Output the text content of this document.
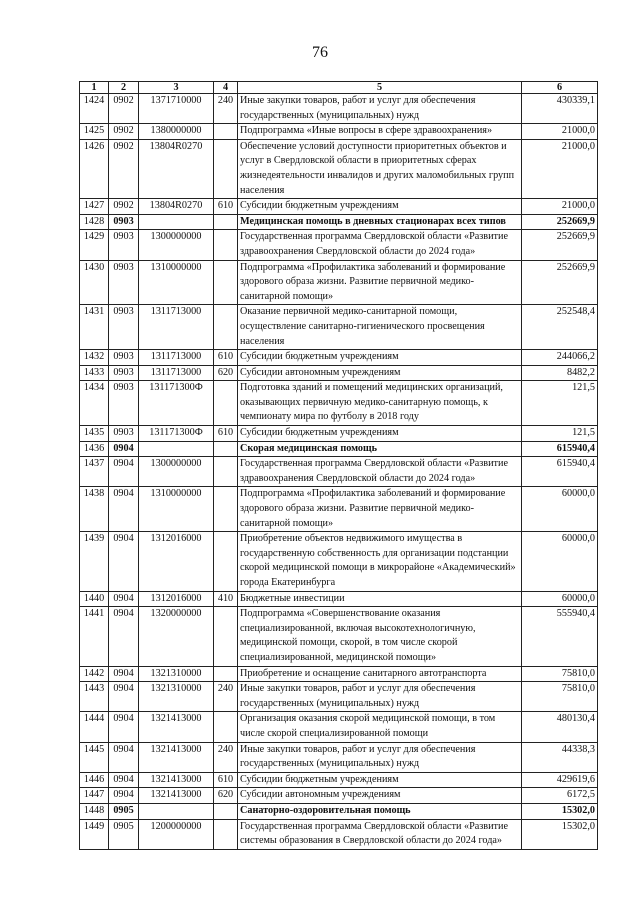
76
1	2	3	4	5	6
1424	0902	1371710000	240	Иные закупки товаров, работ и услуг для обеспечения государственных (муниципальных) нужд	430339,1
1425	0902	1380000000		Подпрограмма «Иные вопросы в сфере здравоохранения»	21000,0
1426	0902	13804R0270		Обеспечение условий доступности приоритетных объектов и услуг в Свердловской области в приоритетных сферах жизнедеятельности инвалидов и других маломобильных групп населения	21000,0
1427	0902	13804R0270	610	Субсидии бюджетным учреждениям	21000,0
1428	0903			Медицинская помощь в дневных стационарах всех типов	252669,9
1429	0903	1300000000		Государственная программа Свердловской области «Развитие здравоохранения Свердловской области до 2024 года»	252669,9
1430	0903	1310000000		Подпрограмма «Профилактика заболеваний и формирование здорового образа жизни. Развитие первичной медико-санитарной помощи»	252669,9
1431	0903	1311713000		Оказание первичной медико-санитарной помощи, осуществление санитарно-гигиенического просвещения населения	252548,4
1432	0903	1311713000	610	Субсидии бюджетным учреждениям	244066,2
1433	0903	1311713000	620	Субсидии автономным учреждениям	8482,2
1434	0903	131171300Ф		Подготовка зданий и помещений медицинских организаций, оказывающих первичную медико-санитарную помощь, к чемпионату мира по футболу в 2018 году	121,5
1435	0903	131171300Ф	610	Субсидии бюджетным учреждениям	121,5
1436	0904			Скорая медицинская помощь	615940,4
1437	0904	1300000000		Государственная программа Свердловской области «Развитие здравоохранения Свердловской области до 2024 года»	615940,4
1438	0904	1310000000		Подпрограмма «Профилактика заболеваний и формирование здорового образа жизни. Развитие первичной медико-санитарной помощи»	60000,0
1439	0904	1312016000		Приобретение объектов недвижимого имущества в государственную собственность для организации подстанции скорой медицинской помощи в микрорайоне «Академический» города Екатеринбурга	60000,0
1440	0904	1312016000	410	Бюджетные инвестиции	60000,0
1441	0904	1320000000		Подпрограмма «Совершенствование оказания специализированной, включая высокотехнологичную, медицинской помощи, скорой, в том числе скорой специализированной, медицинской помощи»	555940,4
1442	0904	1321310000		Приобретение и оснащение санитарного автотранспорта	75810,0
1443	0904	1321310000	240	Иные закупки товаров, работ и услуг для обеспечения государственных (муниципальных) нужд	75810,0
1444	0904	1321413000		Организация оказания скорой медицинской помощи, в том числе скорой специализированной помощи	480130,4
1445	0904	1321413000	240	Иные закупки товаров, работ и услуг для обеспечения государственных (муниципальных) нужд	44338,3
1446	0904	1321413000	610	Субсидии бюджетным учреждениям	429619,6
1447	0904	1321413000	620	Субсидии автономным учреждениям	6172,5
1448	0905			Санаторно-оздоровительная помощь	15302,0
1449	0905	1200000000		Государственная программа Свердловской области «Развитие системы образования в Свердловской области до 2024 года»	15302,0
